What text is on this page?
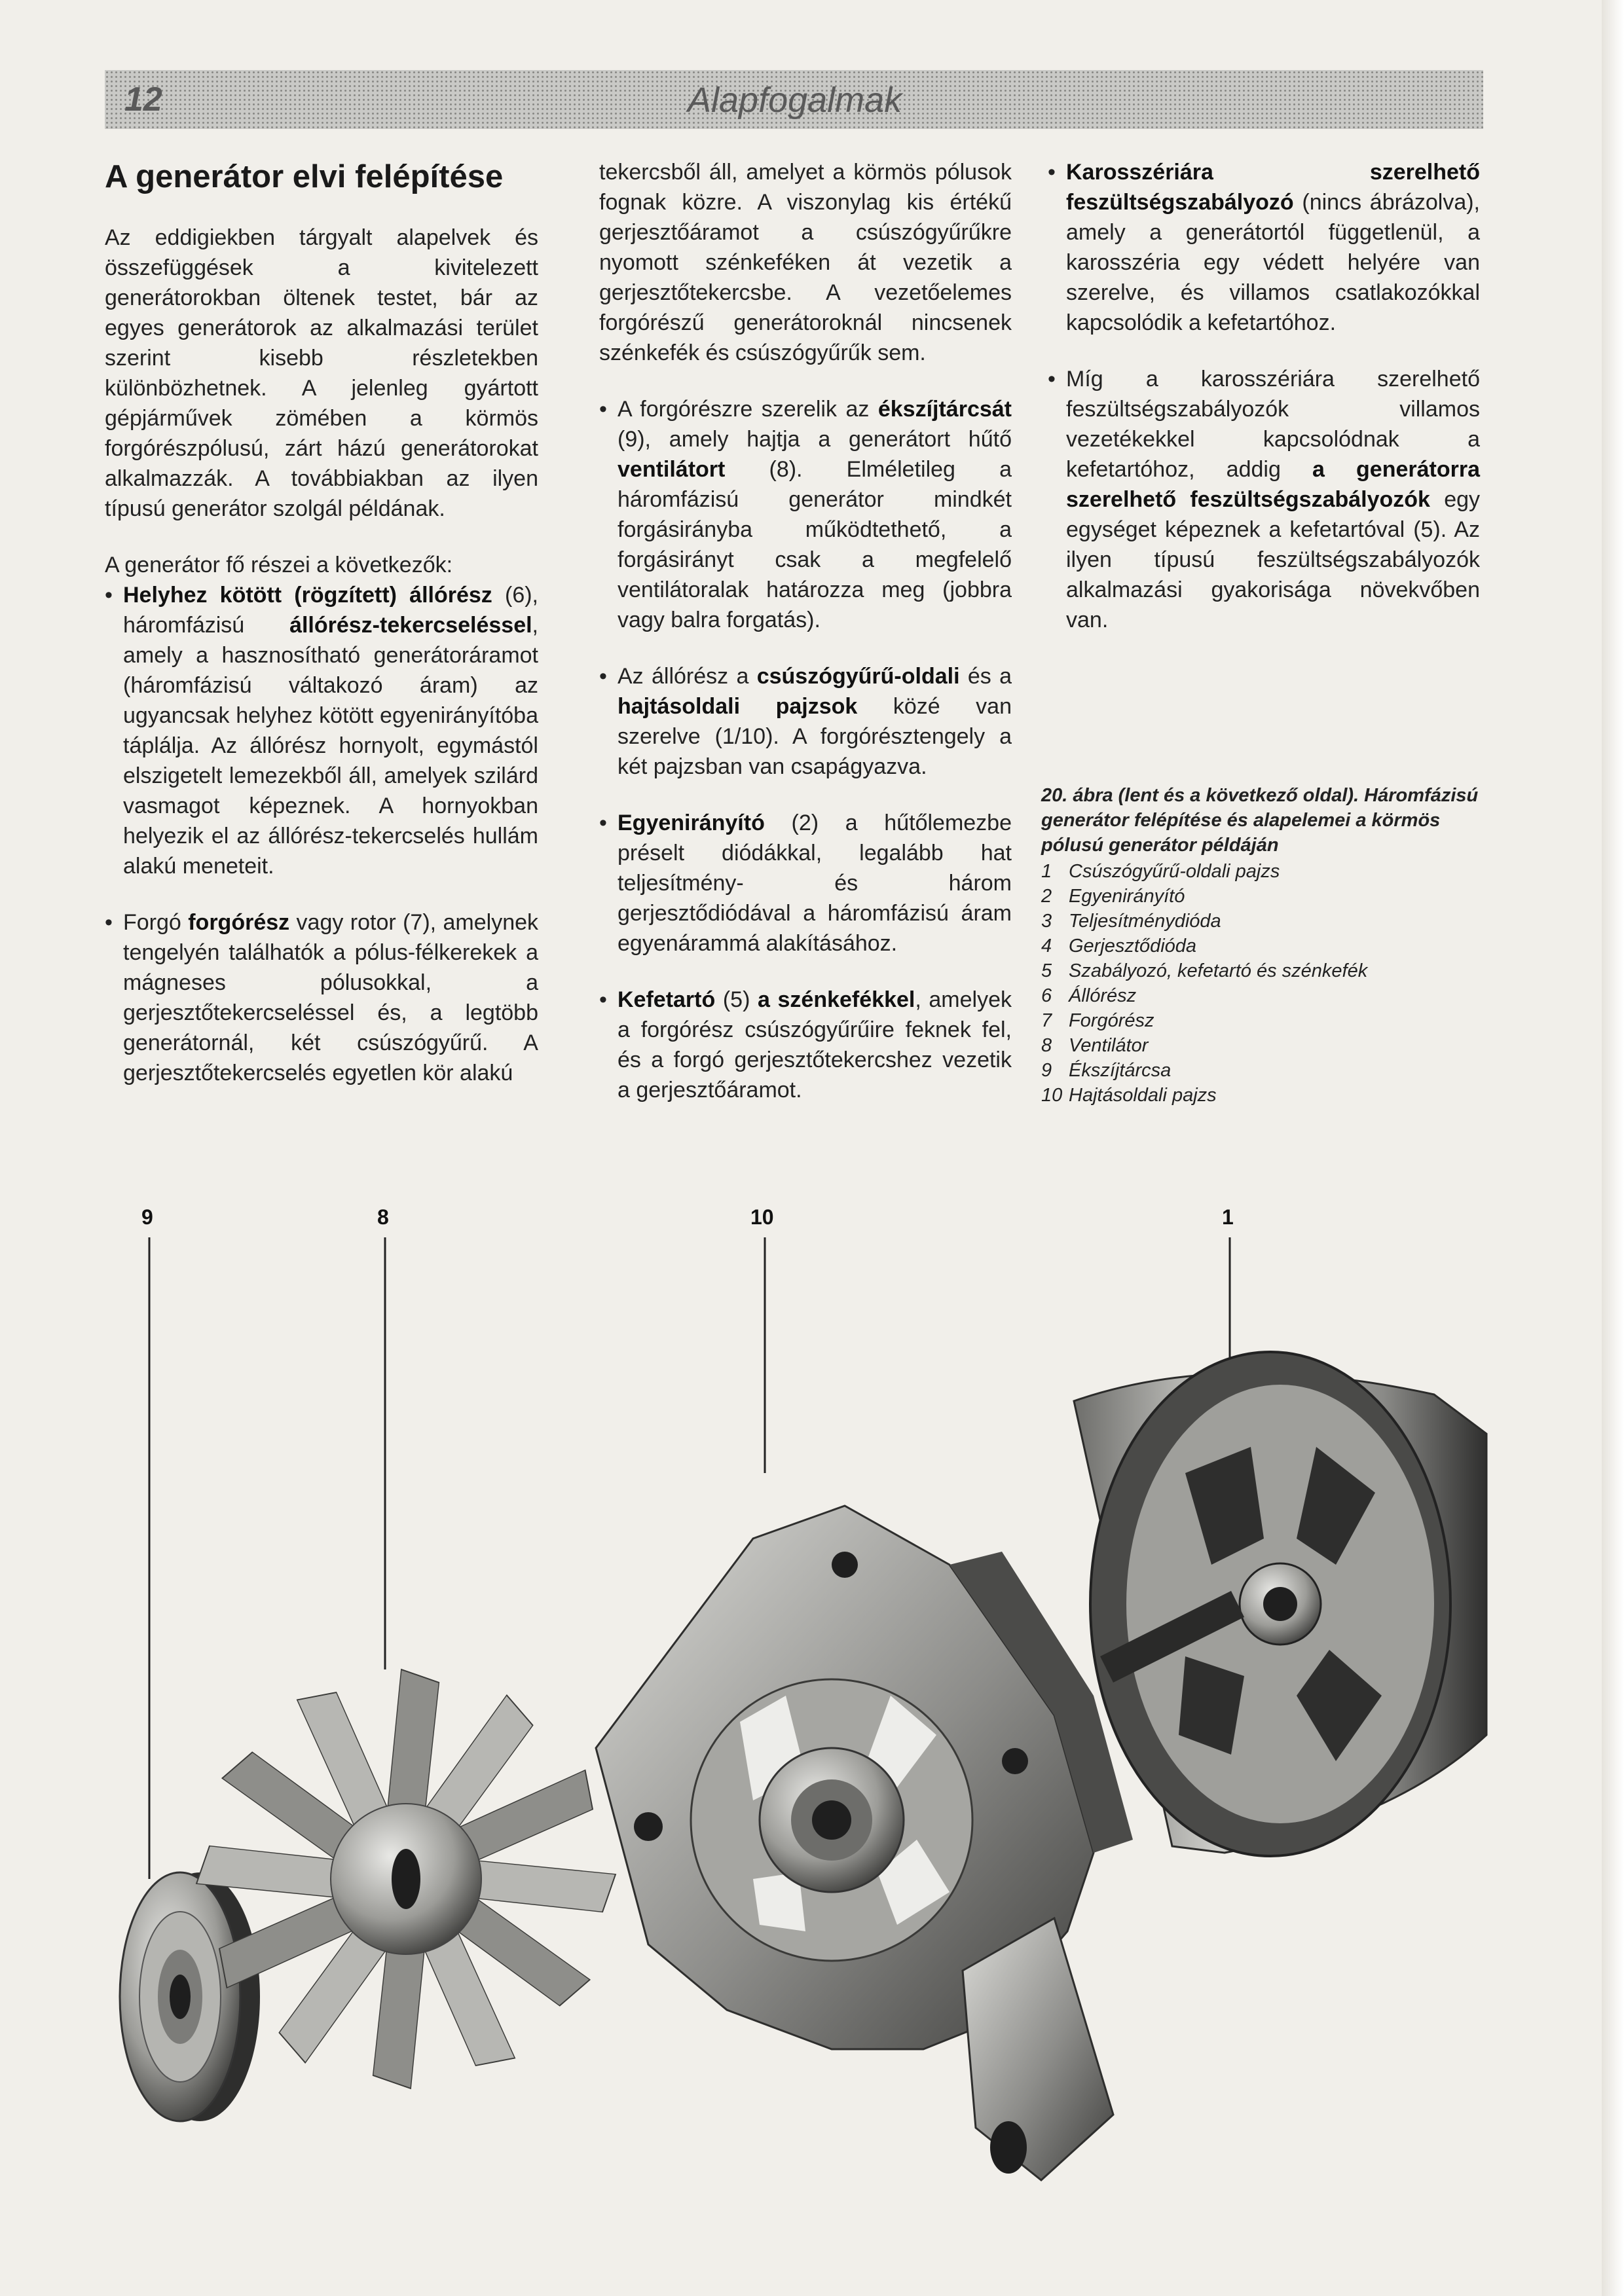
12	Alapfogalmak
A generátor elvi felépítése

Az eddigiekben tárgyalt alapelvek és összefüggések a kivitelezett generátorokban öltenek testet, bár az egyes generátorok az alkalmazási terület szerint kisebb részletekben különbözhetnek. A jelenleg gyártott gépjárművek zömében a körmös forgórészpólusú, zárt házú generátorokat alkalmazzák. A továbbiakban az ilyen típusú generátor szolgál példának.

A generátor fő részei a következők:
• Helyhez kötött (rögzített) állórész (6), háromfázisú állórész-tekercseléssel, amely a hasznosítható generátoráramot (háromfázisú váltakozó áram) az ugyancsak helyhez kötött egyenirányítóba táplálja. Az állórész hornyolt, egymástól elszigetelt lemezekből áll, amelyek szilárd vasmagot képeznek. A hornyokban helyezik el az állórész-tekercselés hullám alakú meneteit.
• Forgó forgórész vagy rotor (7), amelynek tengelyén találhatók a pólus-félkerekek a mágneses pólusokkal, a gerjesztőtekercseléssel és, a legtöbb generátornál, két csúszógyűrű. A gerjesztőtekercselés egyetlen kör alakú

tekercsből áll, amelyet a körmös pólusok fognak közre. A viszonylag kis értékű gerjesztőáramot a csúszógyűrűkre nyomott szénkeféken át vezetik a gerjesztőtekercsbe. A vezetőelemes forgórészű generátoroknál nincsenek szénkefék és csúszógyűrűk sem.

• A forgórészre szerelik az ékszíjtárcsát (9), amely hajtja a generátort hűtő ventilátort (8). Elméletileg a háromfázisú generátor mindkét forgásirányba működtethető, a forgásirányt csak a megfelelő ventilátoralak határozza meg (jobbra vagy balra forgatás).
• Az állórész a csúszógyűrű-oldali és a hajtásoldali pajzsok közé van szerelve (1/10). A forgórésztengely a két pajzsban van csapágyazva.
• Egyenirányító (2) a hűtőlemezbe préselt diódákkal, legalább hat teljesítmény- és három gerjesztődiódával a háromfázisú áram egyenárammá alakításához.
• Kefetartó (5) a szénkefékkel, amelyek a forgórész csúszógyűrűire feknek fel, és a forgó gerjesztőtekercshez vezetik a gerjesztőáramot.
• Karosszériára szerelhető feszültségszabályozó (nincs ábrázolva), amely a generátortól függetlenül, a karosszéria egy védett helyére van szerelve, és villamos csatlakozókkal kapcsolódik a kefetartóhoz.
• Míg a karosszériára szerelhető feszültségszabályozók villamos vezetékekkel kapcsolódnak a kefetartóhoz, addig a generátorra szerelhető feszültségszabályozók egy egységet képeznek a kefetartóval (5). Az ilyen típusú feszültségszabályozók alkalmazási gyakorisága növekvőben van.
20. ábra (lent és a következő oldal). Háromfázisú generátor felépítése és alapelemei a körmös pólusú generátor példáján
1 Csúszógyűrű-oldali pajzs
2 Egyenirányító
3 Teljesítménydióda
4 Gerjesztődióda
5 Szabályozó, kefetartó és szénkefék
6 Állórész
7 Forgórész
8 Ventilátor
9 Ékszíjtárcsa
10 Hajtásoldali pajzs
9	8	10	1
